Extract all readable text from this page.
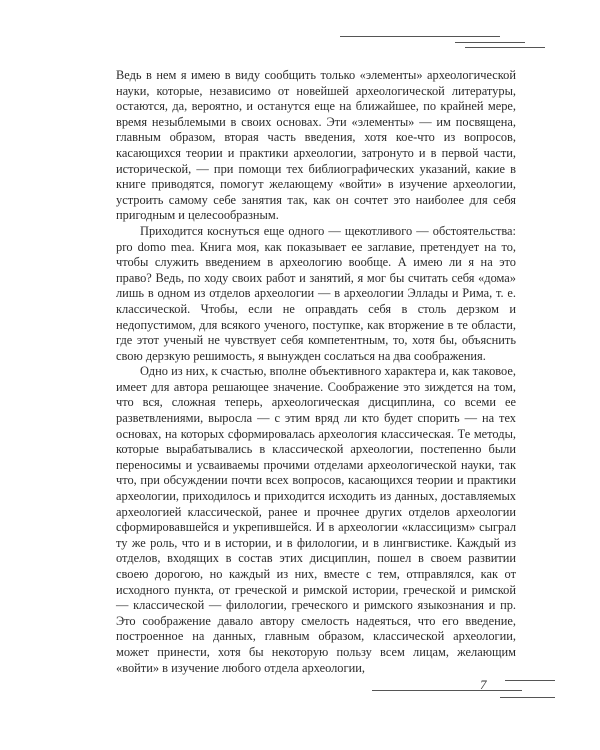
Ведь в нем я имею в виду сообщить только «элементы» археологической науки, которые, независимо от новейшей археологической литературы, остаются, да, вероятно, и останутся еще на ближайшее, по крайней мере, время незыблемыми в своих основах. Эти «элементы» — им посвящена, главным образом, вторая часть введения, хотя кое-что из вопросов, касающихся теории и практики археологии, затронуто и в первой части, исторической, — при помощи тех библиографических указаний, какие в книге приводятся, помогут желающему «войти» в изучение археологии, устроить самому себе занятия так, как он сочтет это наиболее для себя пригодным и целесообразным.

Приходится коснуться еще одного — щекотливого — обстоятельства: pro domo mea. Книга моя, как показывает ее заглавие, претендует на то, чтобы служить введением в археологию вообще. А имею ли я на это право? Ведь, по ходу своих работ и занятий, я мог бы считать себя «дома» лишь в одном из отделов археологии — в археологии Эллады и Рима, т. е. классической. Чтобы, если не оправдать себя в столь дерзком и недопустимом, для всякого ученого, поступке, как вторжение в те области, где этот ученый не чувствует себя компетентным, то, хотя бы, объяснить свою дерзкую решимость, я вынужден сослаться на два соображения.

Одно из них, к счастью, вполне объективного характера и, как таковое, имеет для автора решающее значение. Соображение это зиждется на том, что вся, сложная теперь, археологическая дисциплина, со всеми ее разветвлениями, выросла — с этим вряд ли кто будет спорить — на тех основах, на которых сформировалась археология классическая. Те методы, которые вырабатывались в классической археологии, постепенно были переносимы и усваиваемы прочими отделами археологической науки, так что, при обсуждении почти всех вопросов, касающихся теории и практики археологии, приходилось и приходится исходить из данных, доставляемых археологией классической, ранее и прочнее других отделов археологии сформировавшейся и укрепившейся. И в археологии «классицизм» сыграл ту же роль, что и в истории, и в филологии, и в лингвистике. Каждый из отделов, входящих в состав этих дисциплин, пошел в своем развитии своею дорогою, но каждый из них, вместе с тем, отправлялся, как от исходного пункта, от греческой и римской истории, греческой и римской — классической — филологии, греческого и римского языкознания и пр. Это соображение давало автору смелость надеяться, что его введение, построенное на данных, главным образом, классической археологии, может принести, хотя бы некоторую пользу всем лицам, желающим «войти» в изучение любого отдела археологии,

7
